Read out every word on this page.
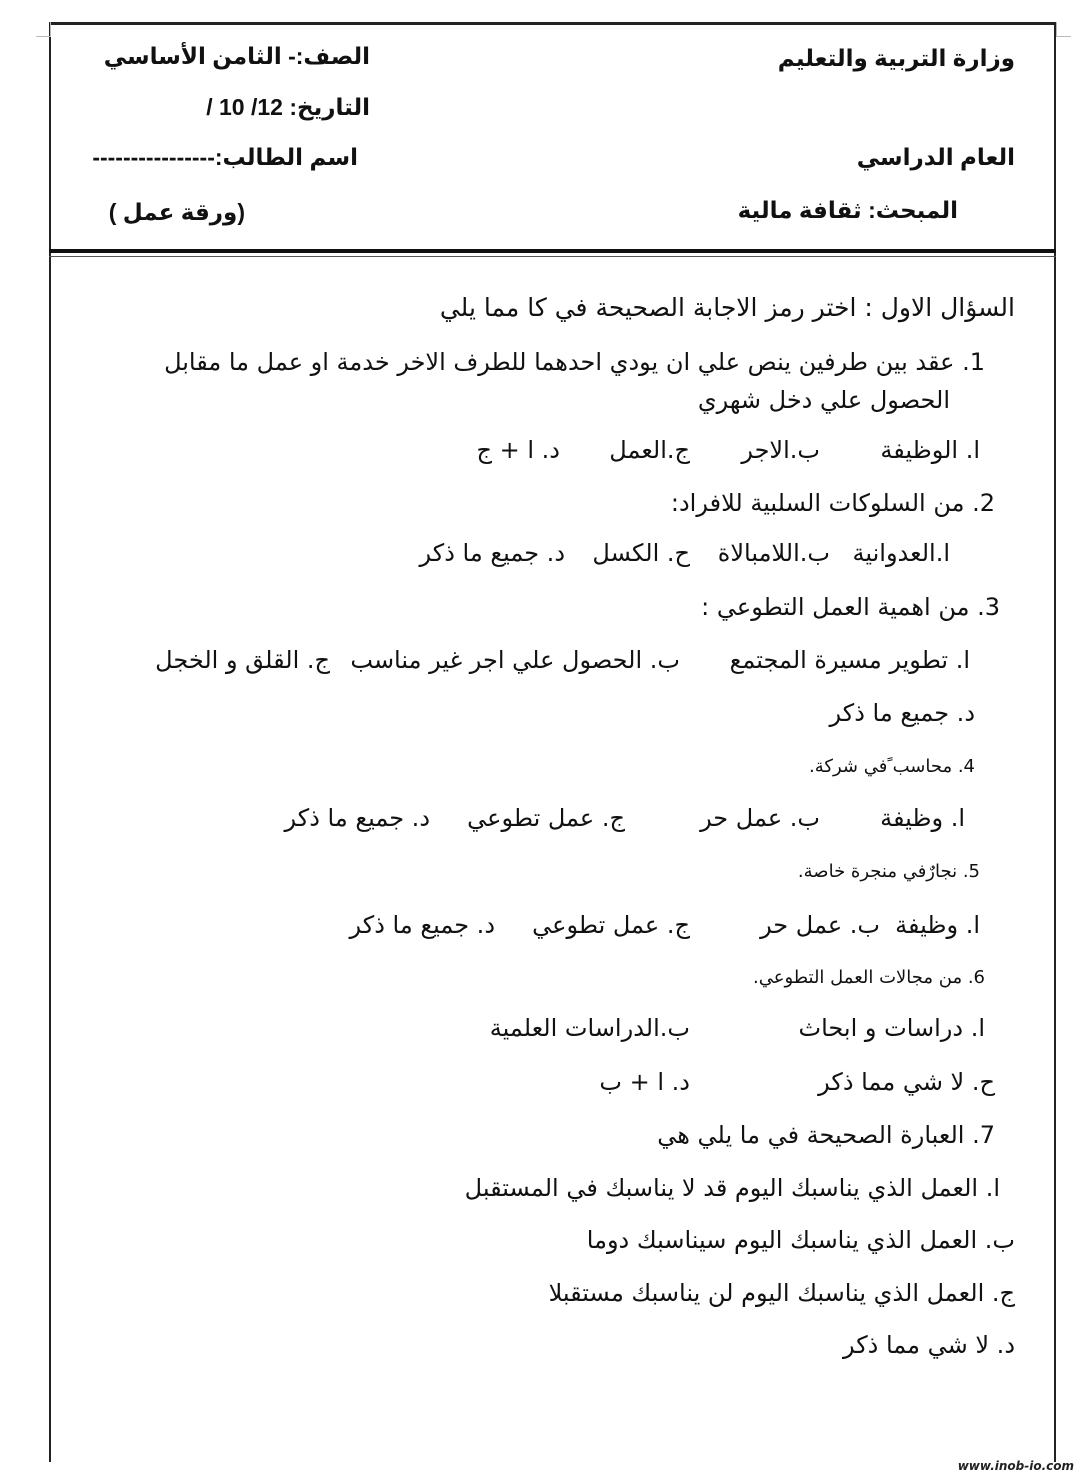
وزارة التربية والتعليم
الصف:- الثامن الأساسي
التاريخ: 12/ 10 /
العام الدراسي
اسم الطالب:----------------
المبحث: ثقافة مالية
(ورقة عمل )
السؤال الاول : اختر رمز الاجابة الصحيحة في كا مما يلي
1. عقد بين طرفين ينص علي ان يودي احدهما للطرف الاخر خدمة او عمل ما مقابل
الحصول علي دخل شهري
ا. الوظيفة
ب.الاجر
ج.العمل
د. ا + ج
2. من السلوكات السلبية للافراد:
ا.العدوانية
ب.اللامبالاة
ح. الكسل
د. جميع ما ذكر
3. من اهمية العمل التطوعي :
ا. تطوير مسيرة المجتمع
ب. الحصول علي اجر غير مناسب
ج. القلق و الخجل
د. جميع ما ذكر
4. محاسب ًفي شركة.
ا. وظيفة
ب. عمل حر
ج. عمل تطوعي
د. جميع ما ذكر
5. نجارٌفي منجرة خاصة.
ا. وظيفة
ب. عمل حر
ج. عمل تطوعي
د. جميع ما ذكر
6. من مجالات العمل التطوعي.
ا. دراسات و ابحاث
ب.الدراسات العلمية
ح. لا شي مما ذكر
د. ا + ب
7. العبارة الصحيحة في ما يلي هي
ا. العمل الذي يناسبك اليوم قد لا يناسبك في المستقبل
ب. العمل الذي يناسبك اليوم سيناسبك دوما
ج. العمل الذي يناسبك اليوم لن يناسبك مستقبلا
د. لا شي مما ذكر
www.inob-io.com
